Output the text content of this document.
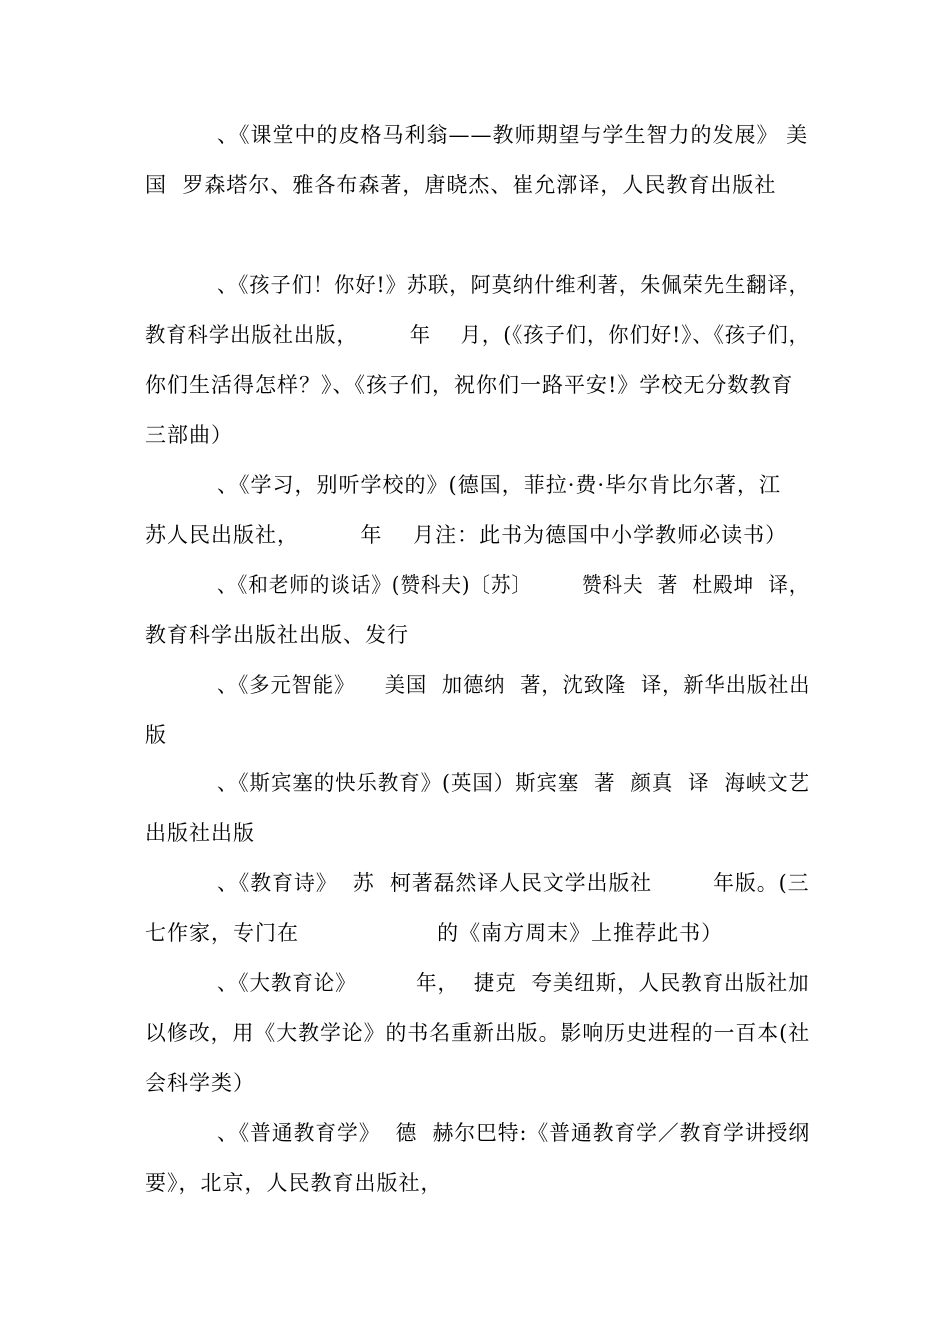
、《课堂中的皮格马利翁——教师期望与学生智力的发展》 美
国  罗森塔尔、雅各布森著，唐晓杰、崔允漷译，人民教育出版社
、《孩子们！你好!》苏联，阿莫纳什维利著，朱佩荣先生翻译，
教育科学出版社出版，       年    月，(《孩子们，你们好!》、《孩子们，
你们生活得怎样？》、《孩子们，祝你们一路平安!》学校无分数教育
三部曲）
、《学习，别听学校的》(德国，菲拉·费·毕尔肯比尔著，江
苏人民出版社，        年    月注：此书为德国中小学教师必读书）
、《和老师的谈话》(赞科夫)〔苏〕       赞科夫  著  杜殿坤  译，
教育科学出版社出版、发行
、《多元智能》    美国  加德纳  著，沈致隆  译，新华出版社出
版
、《斯宾塞的快乐教育》(英国）斯宾塞  著  颜真  译  海峡文艺
出版社出版
、《教育诗》  苏  柯著磊然译人民文学出版社        年版。(三
七作家，专门在                  的《南方周末》上推荐此书）
、《大教育论》        年，  捷克  夸美纽斯，人民教育出版社加
以修改，用《大教学论》的书名重新出版。影响历史进程的一百本(社
会科学类）
、《普通教育学》  德  赫尔巴特:《普通教育学／教育学讲授纲
要》，北京，人民教育出版社，
